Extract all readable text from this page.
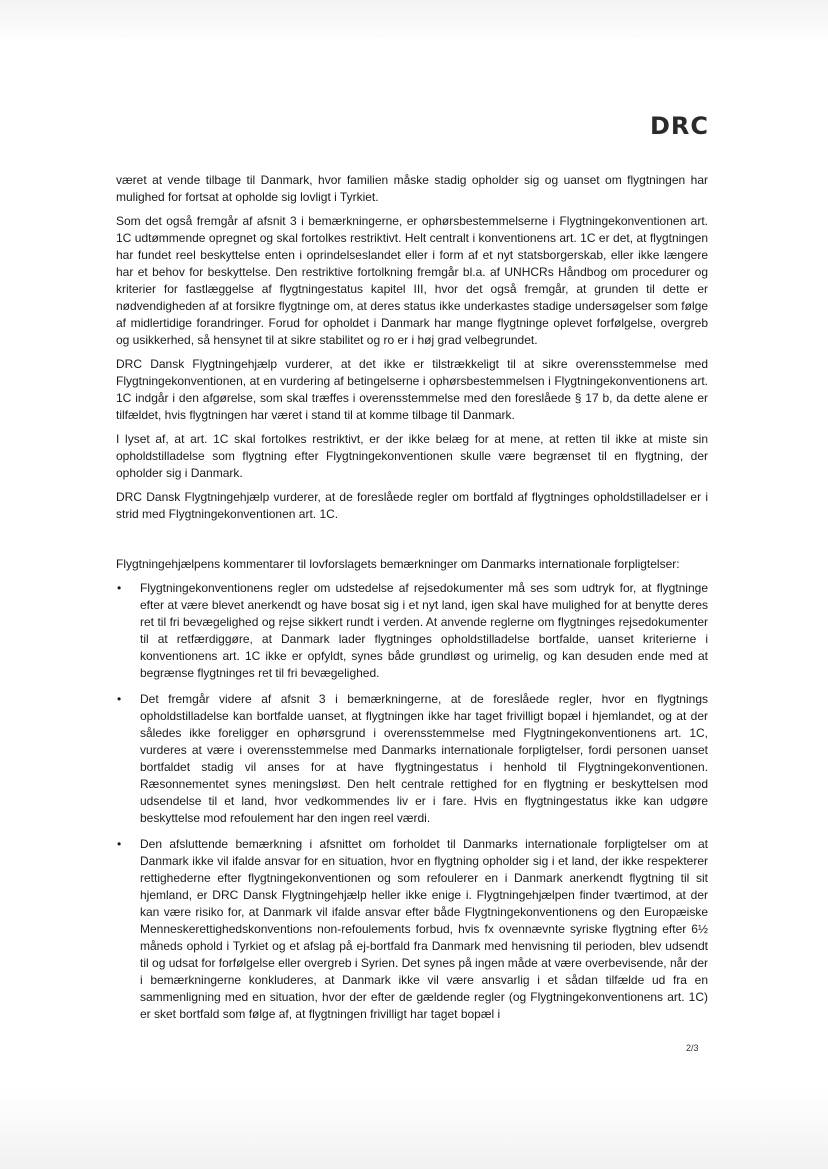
DRC

været at vende tilbage til Danmark, hvor familien måske stadig opholder sig og uanset om flygtningen har mulighed for fortsat at opholde sig lovligt i Tyrkiet.

Som det også fremgår af afsnit 3 i bemærkningerne, er ophørsbestemmelserne i Flygtningekonventionen art. 1C udtømmende opregnet og skal fortolkes restriktivt. Helt centralt i konventionens art. 1C er det, at flygtningen har fundet reel beskyttelse enten i oprindelseslandet eller i form af et nyt statsborgerskab, eller ikke længere har et behov for beskyttelse. Den restriktive fortolkning fremgår bl.a. af UNHCRs Håndbog om procedurer og kriterier for fastlæggelse af flygtningestatus kapitel III, hvor det også fremgår, at grunden til dette er nødvendigheden af at forsikre flygtninge om, at deres status ikke underkastes stadige undersøgelser som følge af midlertidige forandringer. Forud for opholdet i Danmark har mange flygtninge oplevet forfølgelse, overgreb og usikkerhed, så hensynet til at sikre stabilitet og ro er i høj grad velbegrundet.

DRC Dansk Flygtningehjælp vurderer, at det ikke er tilstrækkeligt til at sikre overensstemmelse med Flygtningekonventionen, at en vurdering af betingelserne i ophørsbestemmelsen i Flygtningekonventionens art. 1C indgår i den afgørelse, som skal træffes i overensstemmelse med den foreslåede § 17 b, da dette alene er tilfældet, hvis flygtningen har været i stand til at komme tilbage til Danmark.

I lyset af, at art. 1C skal fortolkes restriktivt, er der ikke belæg for at mene, at retten til ikke at miste sin opholdstilladelse som flygtning efter Flygtningekonventionen skulle være begrænset til en flygtning, der opholder sig i Danmark.

DRC Dansk Flygtningehjælp vurderer, at de foreslåede regler om bortfald af flygtninges opholdstilladelser er i strid med Flygtningekonventionen art. 1C.

Flygtningehjælpens kommentarer til lovforslagets bemærkninger om Danmarks internationale forpligtelser:

• Flygtningekonventionens regler om udstedelse af rejsedokumenter må ses som udtryk for, at flygtninge efter at være blevet anerkendt og have bosat sig i et nyt land, igen skal have mulighed for at benytte deres ret til fri bevægelighed og rejse sikkert rundt i verden. At anvende reglerne om flygtninges rejsedokumenter til at retfærdiggøre, at Danmark lader flygtninges opholdstilladelse bortfalde, uanset kriterierne i konventionens art. 1C ikke er opfyldt, synes både grundløst og urimelig, og kan desuden ende med at begrænse flygtninges ret til fri bevægelighed.
• Det fremgår videre af afsnit 3 i bemærkningerne, at de foreslåede regler, hvor en flygtnings opholdstilladelse kan bortfalde uanset, at flygtningen ikke har taget frivilligt bopæl i hjemlandet, og at der således ikke foreligger en ophørsgrund i overensstemmelse med Flygtningekonventionens art. 1C, vurderes at være i overensstemmelse med Danmarks internationale forpligtelser, fordi personen uanset bortfaldet stadig vil anses for at have flygtningestatus i henhold til Flygtningekonventionen. Ræsonnementet synes meningsløst. Den helt centrale rettighed for en flygtning er beskyttelsen mod udsendelse til et land, hvor vedkommendes liv er i fare. Hvis en flygtningestatus ikke kan udgøre beskyttelse mod refoulement har den ingen reel værdi.
• Den afsluttende bemærkning i afsnittet om forholdet til Danmarks internationale forpligtelser om at Danmark ikke vil ifalde ansvar for en situation, hvor en flygtning opholder sig i et land, der ikke respekterer rettighederne efter flygtningekonventionen og som refoulerer en i Danmark anerkendt flygtning til sit hjemland, er DRC Dansk Flygtningehjælp heller ikke enige i. Flygtningehjælpen finder tværtimod, at der kan være risiko for, at Danmark vil ifalde ansvar efter både Flygtningekonventionens og den Europæiske Menneskerettighedskonventions non-refoulements forbud, hvis fx ovennævnte syriske flygtning efter 6½ måneds ophold i Tyrkiet og et afslag på ej-bortfald fra Danmark med henvisning til perioden, blev udsendt til og udsat for forfølgelse eller overgreb i Syrien. Det synes på ingen måde at være overbevisende, når der i bemærkningerne konkluderes, at Danmark ikke vil være ansvarlig i et sådan tilfælde ud fra en sammenligning med en situation, hvor der efter de gældende regler (og Flygtningekonventionens art. 1C) er sket bortfald som følge af, at flygtningen frivilligt har taget bopæl i
2/3
